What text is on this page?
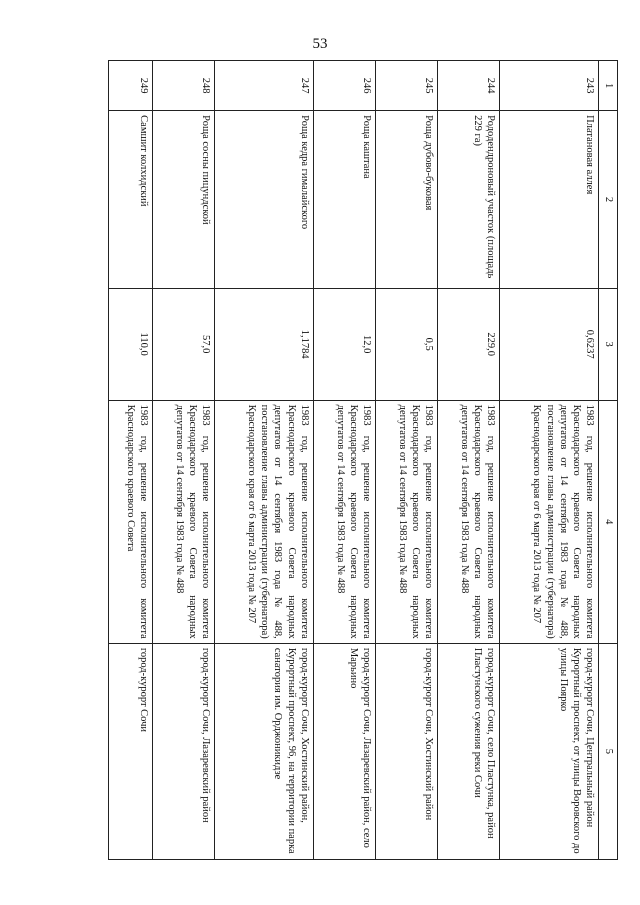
53
1	2	3	4	5
243	Платановая аллея	0,6237	1983 год, решение исполнительного комитета Краснодарского краевого Совета народных депутатов от 14 сентября 1983 года № 488, постановление главы администрации (губернатора) Краснодарского края от 6 марта 2013 года № 207	город-курорт Сочи, Центральный район Курортный проспект, от улицы Воровского до улицы Поярко
244	Рододендроновый участок (площадь 229 га)	229,0	1983 год, решение исполнительного комитета Краснодарского краевого Совета народных депутатов от 14 сентября 1983 года № 488	город-курорт Сочи, село Пластунка, район Пластунского сужения реки Сочи
245	Роща дубово-буковая	0,5	1983 год, решение исполнительного комитета Краснодарского краевого Совета народных депутатов от 14 сентября 1983 года № 488	город-курорт Сочи, Хостинский район
246	Роща каштана	12,0	1983 год, решение исполнительного комитета Краснодарского краевого Совета народных депутатов от 14 сентября 1983 года № 488	город-курорт Сочи, Лазаревский район, село Марьино
247	Роща кедра гималайского	1,1784	1983 год, решение исполнительного комитета Краснодарского краевого Совета народных депутатов от 14 сентября 1983 года № 488, постановление главы администрации (губернатора) Краснодарского края от 6 марта 2013 года № 207	город-курорт Сочи, Хостинский район, Курортный проспект, 96, на территории парка санатория им. Орджоникидзе
248	Роща сосны пицундской	57,0	1983 год, решение исполнительного комитета Краснодарского краевого Совета народных депутатов от 14 сентября 1983 года № 488	город-курорт Сочи, Лазаревский район
249	Самшит колхидский	110,0	1983 год, решение исполнительного комитета Краснодарского краевого Совета	город-курорт Сочи
